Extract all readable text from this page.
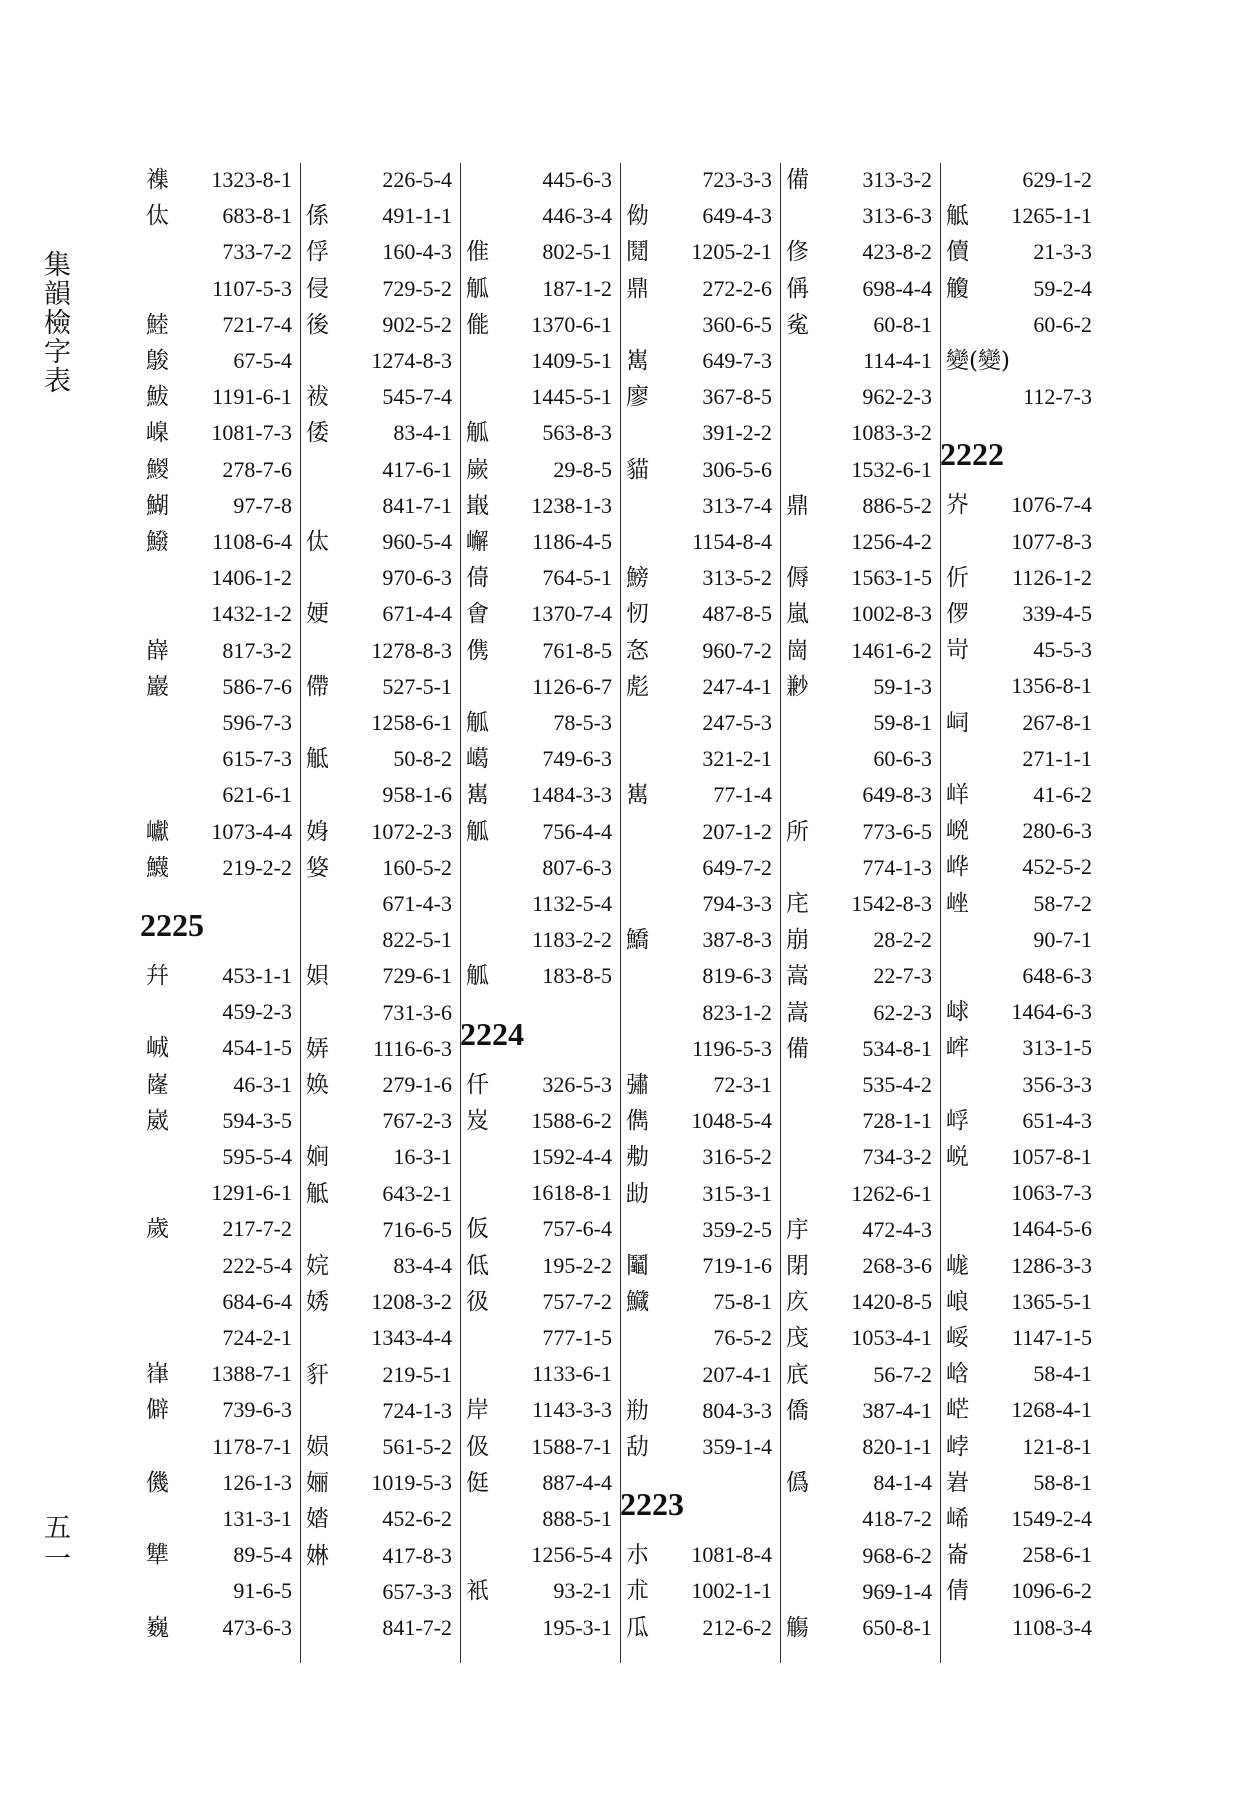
集韻檢字表
五一
襍	1323-8-1
㑀	683-8-1
733-7-2
1107-5-3
鯥	721-7-4
鵔	67-5-4
鮁	1191-6-1
嵲	1081-7-3
鯼	278-7-6
鰗	97-7-8
鱍	1108-6-4
1406-1-2
1432-1-2
嶭	817-3-2
巖	586-7-6
596-7-3
615-7-3
621-6-1
巘	1073-4-4
鱴	219-2-2
2225
幷	453-1-1
459-2-3
峸	454-1-5
嶐	46-3-1
崴	594-3-5
595-5-4
1291-6-1
歲	217-7-2
222-5-4
684-6-4
724-2-1
嵂	1388-7-1
僻	739-6-3
1178-7-1
僟	126-1-3
131-3-1
犨	89-5-4
91-6-5
巍	473-6-3
226-5-4
係	491-1-1
俘	160-4-3
侵	729-5-2
後	902-5-2
1274-8-3
袚	545-7-4
倭	83-4-1
417-6-1
841-7-1
㑀	960-5-4
970-6-3
㛐	671-4-4
1278-8-3
僀	527-5-1
1258-6-1
觝	50-8-2
958-1-6
㛛	1072-2-3
㛜	160-5-2
671-4-3
822-5-1
㛝	729-6-1
731-3-6
㛞	1116-6-3
㛟	279-1-6
767-2-3
㛠	16-3-1
觝	643-2-1
716-6-5
㛡	83-4-4
㛢	1208-3-2
1343-4-4
豻	219-5-1
724-1-3
㛣	561-5-2
㛤	1019-5-3
㛥	452-6-2
㛦	417-8-3
657-3-3
841-7-2
445-6-3
446-3-4
倠	802-5-1
觚	187-1-2
㑷	1370-6-1
1409-5-1
1445-5-1
觚	563-8-3
嶡	29-8-5
嶯	1238-1-3
嶰	1186-4-5
㑸	764-5-1
㑹	1370-7-4
㑺	761-8-5
1126-6-7
觚	78-5-3
嶱	749-6-3
嶲	1484-3-3
觚	756-4-4
807-6-3
1132-5-4
1183-2-2
觚	183-8-5
2224
仟	326-5-3
岌	1588-6-2
1592-4-4
1618-8-1
仮	757-6-4
低	195-2-2
彶	757-7-2
777-1-5
1133-6-1
岸	1143-3-3
伋	1588-7-1
侹	887-4-4
888-5-1
1256-5-4
衹	93-2-1
195-3-1
723-3-3
㑃	649-4-3
鬩	1205-2-1
鼎	272-2-6
360-6-5
嶲	649-7-3
廖	367-8-5
391-2-2
貓	306-5-6
313-7-4
1154-8-4
鰟	313-5-2
㣼	487-8-5
㣽	960-7-2
彪	247-4-1
247-5-3
321-2-1
嶲	77-1-4
207-1-2
649-7-2
794-3-3
鱎	387-8-3
819-6-3
823-1-2
1196-5-3
彇	72-3-1
儁	1048-5-4
㔗	316-5-2
㔘	315-3-1
359-2-5
鬮	719-1-6
鱵	75-8-1
76-5-2
207-4-1
㔙	804-3-3
㔚	359-1-4
2223
朩	1081-8-4
朮	1002-1-1
瓜	212-6-2
備	313-3-2
313-6-3
俢	423-8-2
偁	698-4-4
㝹	60-8-1
114-4-1
962-2-3
1083-3-2
1532-6-1
鼎	886-5-2
1256-4-2
傉	1563-1-5
嵐	1002-8-3
崗	1461-6-2
㝺	59-1-3
59-8-1
60-6-3
649-8-3
所	773-6-5
774-1-3
㡯	1542-8-3
崩	28-2-2
嵩	22-7-3
嵩	62-2-3
備	534-8-1
535-4-2
728-1-1
734-3-2
1262-6-1
㡰	472-4-3
閉	268-3-6
㡱	1420-8-5
㡲	1053-4-1
㡳	56-7-2
僑	387-4-1
820-1-1
僞	84-1-4
418-7-2
968-6-2
969-1-4
觴	650-8-1
629-1-2
觝	1265-1-1
儥	21-3-3
觼	59-2-4
60-6-2
變(變)
112-7-3
2222
岕	1076-7-4
1077-8-3
伒	1126-1-2
㑩	339-4-5
岢	45-5-3
1356-8-1
㟃	267-8-1
271-1-1
㟄	41-6-2
㟅	280-6-3
㟆	452-5-2
㟇	58-7-2
90-7-1
648-6-3
㟈	1464-6-3
㟉	313-1-5
356-3-3
㟊	651-4-3
㟋	1057-8-1
1063-7-3
1464-5-6
㟌	1286-3-3
㟍	1365-5-1
㟎	1147-1-5
㟏	58-4-1
㟐	1268-4-1
㟑	121-8-1
㟒	58-8-1
㟓	1549-2-4
崙	258-6-1
倩	1096-6-2
1108-3-4
